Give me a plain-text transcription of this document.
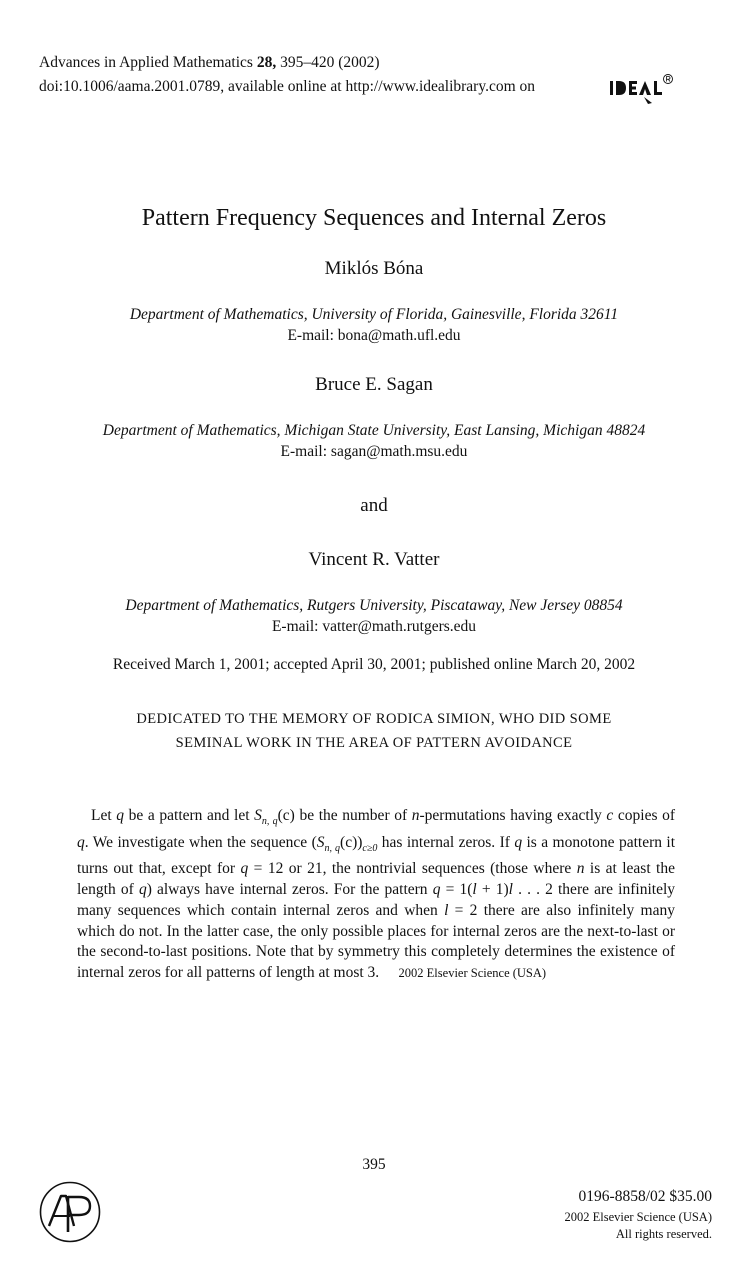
Advances in Applied Mathematics 28, 395–420 (2002)
doi:10.1006/aama.2001.0789, available online at http://www.idealibrary.com on
Pattern Frequency Sequences and Internal Zeros
Miklós Bóna
Department of Mathematics, University of Florida, Gainesville, Florida 32611
E-mail: bona@math.ufl.edu
Bruce E. Sagan
Department of Mathematics, Michigan State University, East Lansing, Michigan 48824
E-mail: sagan@math.msu.edu
and
Vincent R. Vatter
Department of Mathematics, Rutgers University, Piscataway, New Jersey 08854
E-mail: vatter@math.rutgers.edu
Received March 1, 2001; accepted April 30, 2001; published online March 20, 2002
DEDICATED TO THE MEMORY OF RODICA SIMION, WHO DID SOME
SEMINAL WORK IN THE AREA OF PATTERN AVOIDANCE
Let q be a pattern and let $S_{n, q}(c)$ be the number of n-permutations having exactly c copies of q. We investigate when the sequence $(S_{n, q}(c))_{c\ge 0}$ has internal zeros. If q is a monotone pattern it turns out that, except for q = 12 or 21, the nontrivial sequences (those where n is at least the length of q) always have internal zeros. For the pattern q = 1(l + 1)l . . . 2 there are infinitely many sequences which contain internal zeros and when l = 2 there are also infinitely many which do not. In the latter case, the only possible places for internal zeros are the next-to-last or the second-to-last positions. Note that by symmetry this completely determines the existence of internal zeros for all patterns of length at most 3. 2002 Elsevier Science (USA)
395
0196-8858/02 $35.00
2002 Elsevier Science (USA)
All rights reserved.
